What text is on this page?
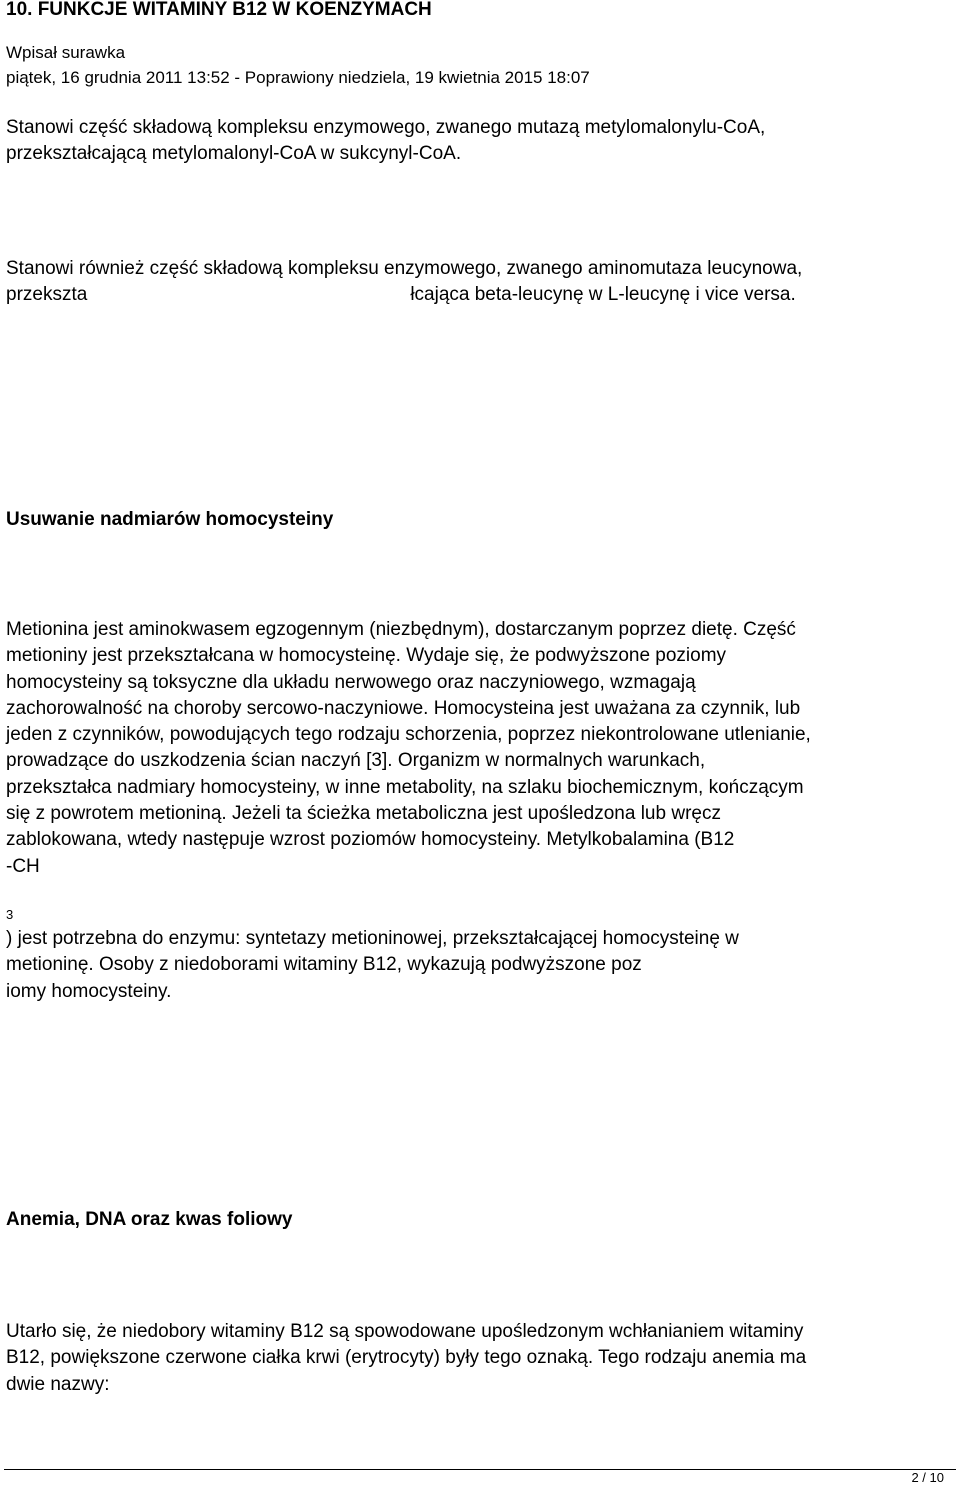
10. FUNKCJE WITAMINY B12 W KOENZYMACH
Wpisał surawka
piątek, 16 grudnia 2011 13:52 - Poprawiony niedziela, 19 kwietnia 2015 18:07
Stanowi część składową kompleksu enzymowego, zwanego mutazą metylomalonylu-CoA,
przekształcającą metylomalonyl-CoA w sukcynyl-CoA.
Stanowi również część składową kompleksu enzymowego, zwanego aminomutaza leucynowa,
przekszta	łcająca beta-leucynę w L-leucynę i vice versa.
Usuwanie nadmiarów homocysteiny
Metionina jest aminokwasem egzogennym (niezbędnym), dostarczanym poprzez dietę. Część
metioniny jest przekształcana w homocysteinę. Wydaje się, że podwyższone poziomy
homocysteiny są toksyczne dla układu nerwowego oraz naczyniowego, wzmagają
zachorowalność na choroby sercowo-naczyniowe. Homocysteina jest uważana za czynnik, lub
jeden z czynników, powodujących tego rodzaju schorzenia, poprzez niekontrolowane utlenianie,
prowadzące do uszkodzenia ścian naczyń [3]. Organizm w normalnych warunkach,
przekształca nadmiary homocysteiny, w inne metabolity, na szlaku biochemicznym, kończącym
się z powrotem metioniną. Jeżeli ta ścieżka metaboliczna jest upośledzona lub wręcz
zablokowana, wtedy następuje wzrost poziomów homocysteiny. Metylkobalamina (B12
-CH
3
) jest potrzebna do enzymu: syntetazy metioninowej, przekształcającej homocysteinę w
metioninę. Osoby z niedoborami witaminy B12, wykazują podwyższone poz
iomy homocysteiny.
Anemia, DNA oraz kwas foliowy
Utarło się, że niedobory witaminy B12 są spowodowane upośledzonym wchłanianiem witaminy
B12, powiększone czerwone ciałka krwi (erytrocyty) były tego oznaką. Tego rodzaju anemia ma
dwie nazwy:
2 / 10
